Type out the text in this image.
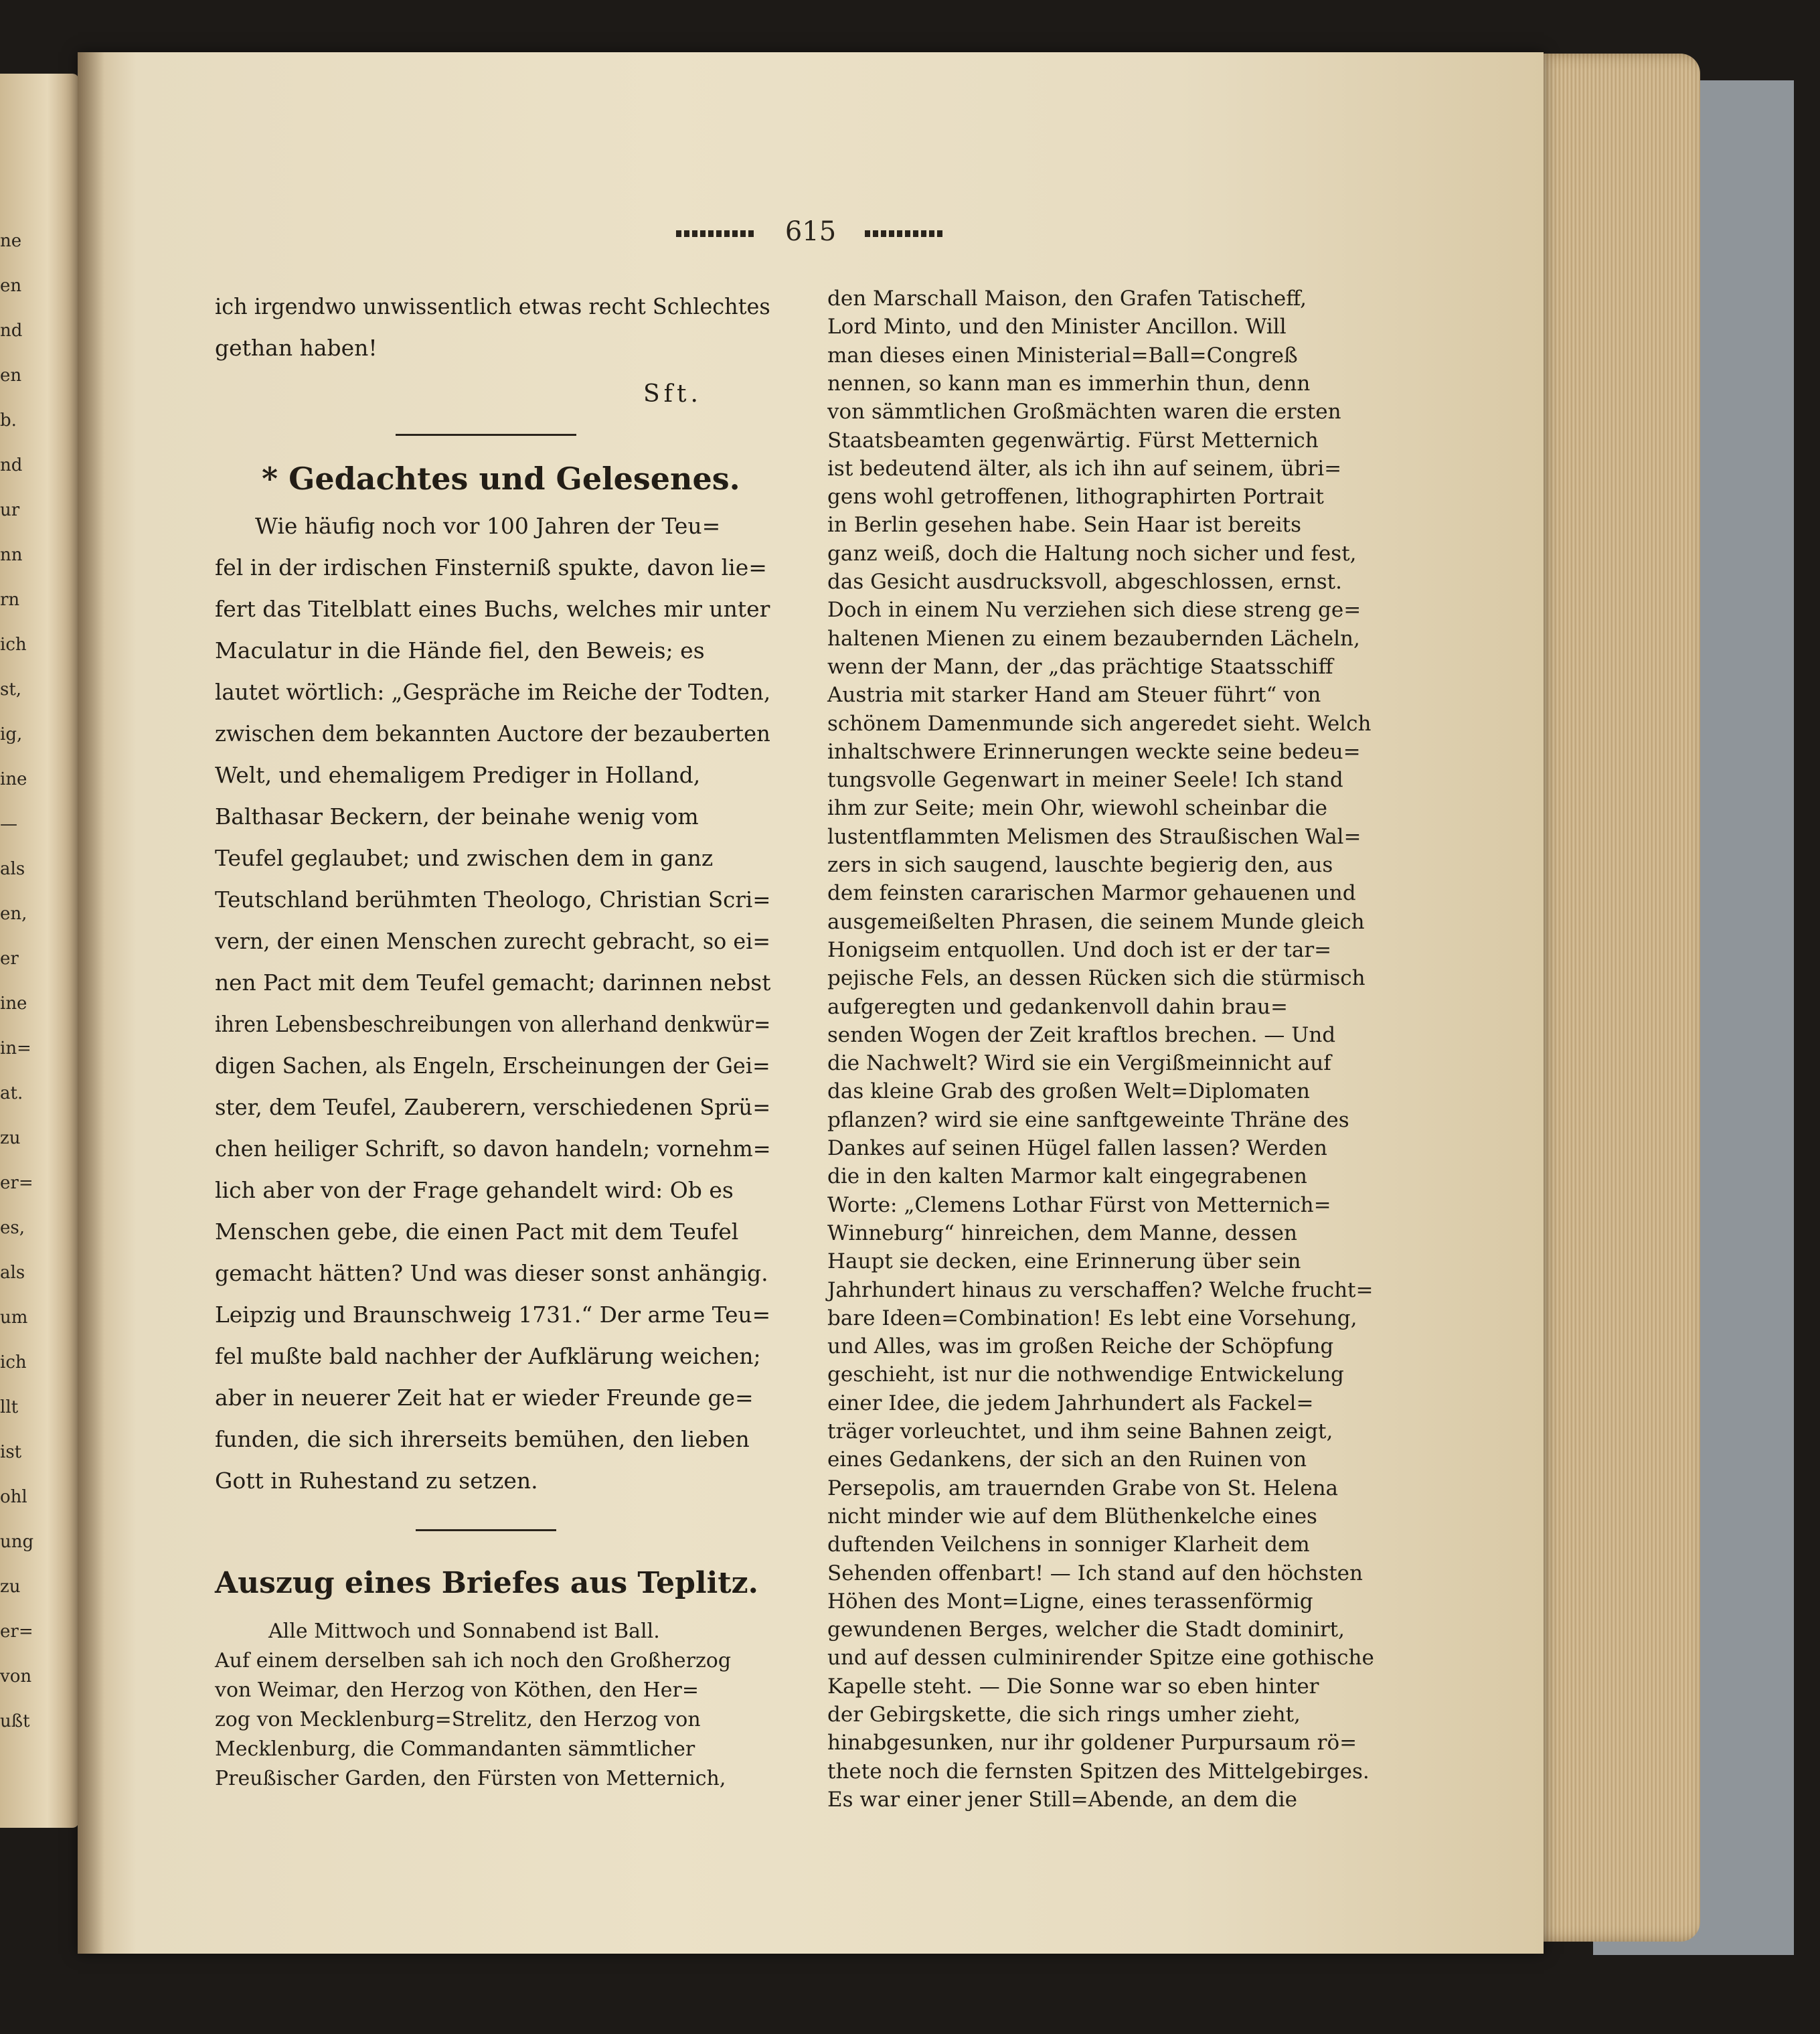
ne
en
nd
en
b.
nd
ur
nn
rn
ich
st,
ig,
ine
—
als
en,
er
ine
in=
at.
zu
er=
es,
als
um
ich
llt
ist
ohl
ung
zu
er=
von
ußt
615
ich irgendwo unwissentlich etwas recht Schlechtes
gethan haben!
Sft.
* Gedachtes und Gelesenes.
Wie häufig noch vor 100 Jahren der Teu=
fel in der irdischen Finsterniß spukte, davon lie=
fert das Titelblatt eines Buchs, welches mir unter
Maculatur in die Hände fiel, den Beweis; es
lautet wörtlich: „Gespräche im Reiche der Todten,
zwischen dem bekannten Auctore der bezauberten
Welt, und ehemaligem Prediger in Holland,
Balthasar Beckern, der beinahe wenig vom
Teufel geglaubet; und zwischen dem in ganz
Teutschland berühmten Theologo, Christian Scri=
vern, der einen Menschen zurecht gebracht, so ei=
nen Pact mit dem Teufel gemacht; darinnen nebst
ihren Lebensbeschreibungen von allerhand denkwür=
digen Sachen, als Engeln, Erscheinungen der Gei=
ster, dem Teufel, Zauberern, verschiedenen Sprü=
chen heiliger Schrift, so davon handeln; vornehm=
lich aber von der Frage gehandelt wird: Ob es
Menschen gebe, die einen Pact mit dem Teufel
gemacht hätten? Und was dieser sonst anhängig.
Leipzig und Braunschweig 1731.“ Der arme Teu=
fel mußte bald nachher der Aufklärung weichen;
aber in neuerer Zeit hat er wieder Freunde ge=
funden, die sich ihrerseits bemühen, den lieben
Gott in Ruhestand zu setzen.
Auszug eines Briefes aus Teplitz.
Alle Mittwoch und Sonnabend ist Ball.
Auf einem derselben sah ich noch den Großherzog
von Weimar, den Herzog von Köthen, den Her=
zog von Mecklenburg=Strelitz, den Herzog von
Mecklenburg, die Commandanten sämmtlicher
Preußischer Garden, den Fürsten von Metternich,
den Marschall Maison, den Grafen Tatischeff,
Lord Minto, und den Minister Ancillon. Will
man dieses einen Ministerial=Ball=Congreß
nennen, so kann man es immerhin thun, denn
von sämmtlichen Großmächten waren die ersten
Staatsbeamten gegenwärtig. Fürst Metternich
ist bedeutend älter, als ich ihn auf seinem, übri=
gens wohl getroffenen, lithographirten Portrait
in Berlin gesehen habe. Sein Haar ist bereits
ganz weiß, doch die Haltung noch sicher und fest,
das Gesicht ausdrucksvoll, abgeschlossen, ernst.
Doch in einem Nu verziehen sich diese streng ge=
haltenen Mienen zu einem bezaubernden Lächeln,
wenn der Mann, der „das prächtige Staatsschiff
Austria mit starker Hand am Steuer führt“ von
schönem Damenmunde sich angeredet sieht. Welch
inhaltschwere Erinnerungen weckte seine bedeu=
tungsvolle Gegenwart in meiner Seele! Ich stand
ihm zur Seite; mein Ohr, wiewohl scheinbar die
lustentflammten Melismen des Straußischen Wal=
zers in sich saugend, lauschte begierig den, aus
dem feinsten cararischen Marmor gehauenen und
ausgemeißelten Phrasen, die seinem Munde gleich
Honigseim entquollen. Und doch ist er der tar=
pejische Fels, an dessen Rücken sich die stürmisch
aufgeregten und gedankenvoll dahin brau=
senden Wogen der Zeit kraftlos brechen. — Und
die Nachwelt? Wird sie ein Vergißmeinnicht auf
das kleine Grab des großen Welt=Diplomaten
pflanzen? wird sie eine sanftgeweinte Thräne des
Dankes auf seinen Hügel fallen lassen? Werden
die in den kalten Marmor kalt eingegrabenen
Worte: „Clemens Lothar Fürst von Metternich=
Winneburg“ hinreichen, dem Manne, dessen
Haupt sie decken, eine Erinnerung über sein
Jahrhundert hinaus zu verschaffen? Welche frucht=
bare Ideen=Combination! Es lebt eine Vorsehung,
und Alles, was im großen Reiche der Schöpfung
geschieht, ist nur die nothwendige Entwickelung
einer Idee, die jedem Jahrhundert als Fackel=
träger vorleuchtet, und ihm seine Bahnen zeigt,
eines Gedankens, der sich an den Ruinen von
Persepolis, am trauernden Grabe von St. Helena
nicht minder wie auf dem Blüthenkelche eines
duftenden Veilchens in sonniger Klarheit dem
Sehenden offenbart! — Ich stand auf den höchsten
Höhen des Mont=Ligne, eines terassenförmig
gewundenen Berges, welcher die Stadt dominirt,
und auf dessen culminirender Spitze eine gothische
Kapelle steht. — Die Sonne war so eben hinter
der Gebirgskette, die sich rings umher zieht,
hinabgesunken, nur ihr goldener Purpursaum rö=
thete noch die fernsten Spitzen des Mittelgebirges.
Es war einer jener Still=Abende, an dem die
